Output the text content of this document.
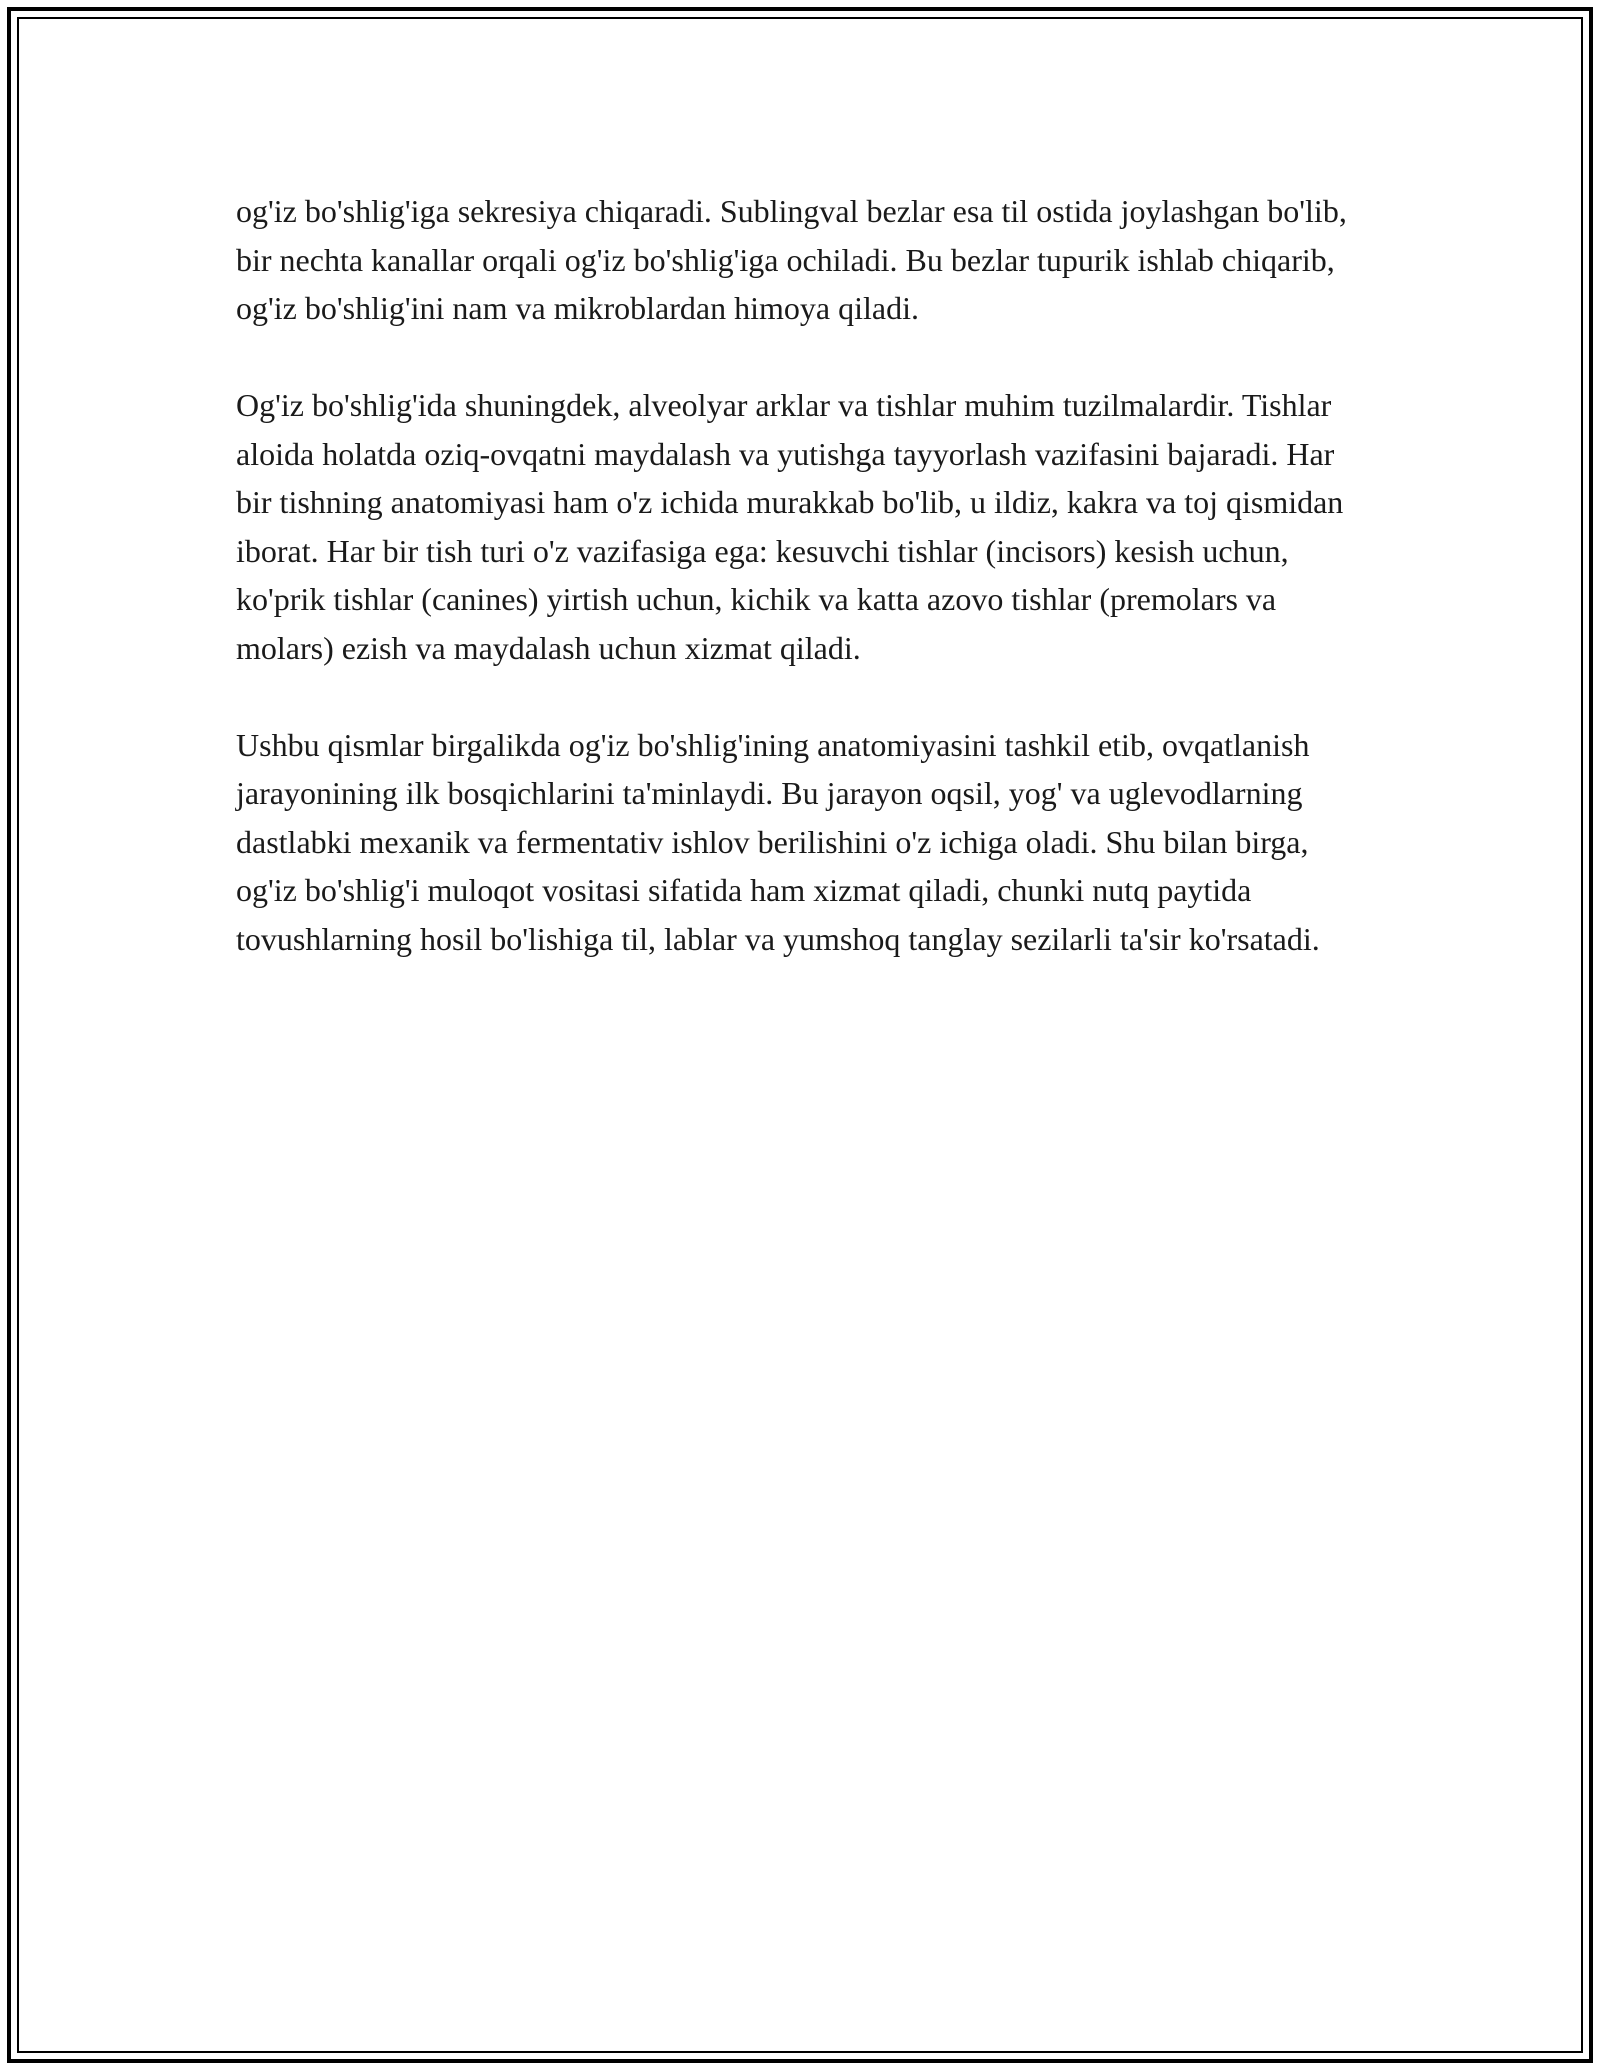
og'iz bo'shlig'iga sekresiya chiqaradi. Sublingval bezlar esa til ostida joylashgan bo'lib, bir nechta kanallar orqali og'iz bo'shlig'iga ochiladi. Bu bezlar tupurik ishlab chiqarib, og'iz bo'shlig'ini nam va mikroblardan himoya qiladi.

Og'iz bo'shlig'ida shuningdek, alveolyar arklar va tishlar muhim tuzilmalardir. Tishlar aloida holatda oziq-ovqatni maydalash va yutishga tayyorlash vazifasini bajaradi. Har bir tishning anatomiyasi ham o'z ichida murakkab bo'lib, u ildiz, kakra va toj qismidan iborat. Har bir tish turi o'z vazifasiga ega: kesuvchi tishlar (incisors) kesish uchun, ko'prik tishlar (canines) yirtish uchun, kichik va katta azovo tishlar (premolars va molars) ezish va maydalash uchun xizmat qiladi.

Ushbu qismlar birgalikda og'iz bo'shlig'ining anatomiyasini tashkil etib, ovqatlanish jarayonining ilk bosqichlarini ta'minlaydi. Bu jarayon oqsil, yog' va uglevodlarning dastlabki mexanik va fermentativ ishlov berilishini o'z ichiga oladi. Shu bilan birga, og'iz bo'shlig'i muloqot vositasi sifatida ham xizmat qiladi, chunki nutq paytida tovushlarning hosil bo'lishiga til, lablar va yumshoq tanglay sezilarli ta'sir ko'rsatadi.
